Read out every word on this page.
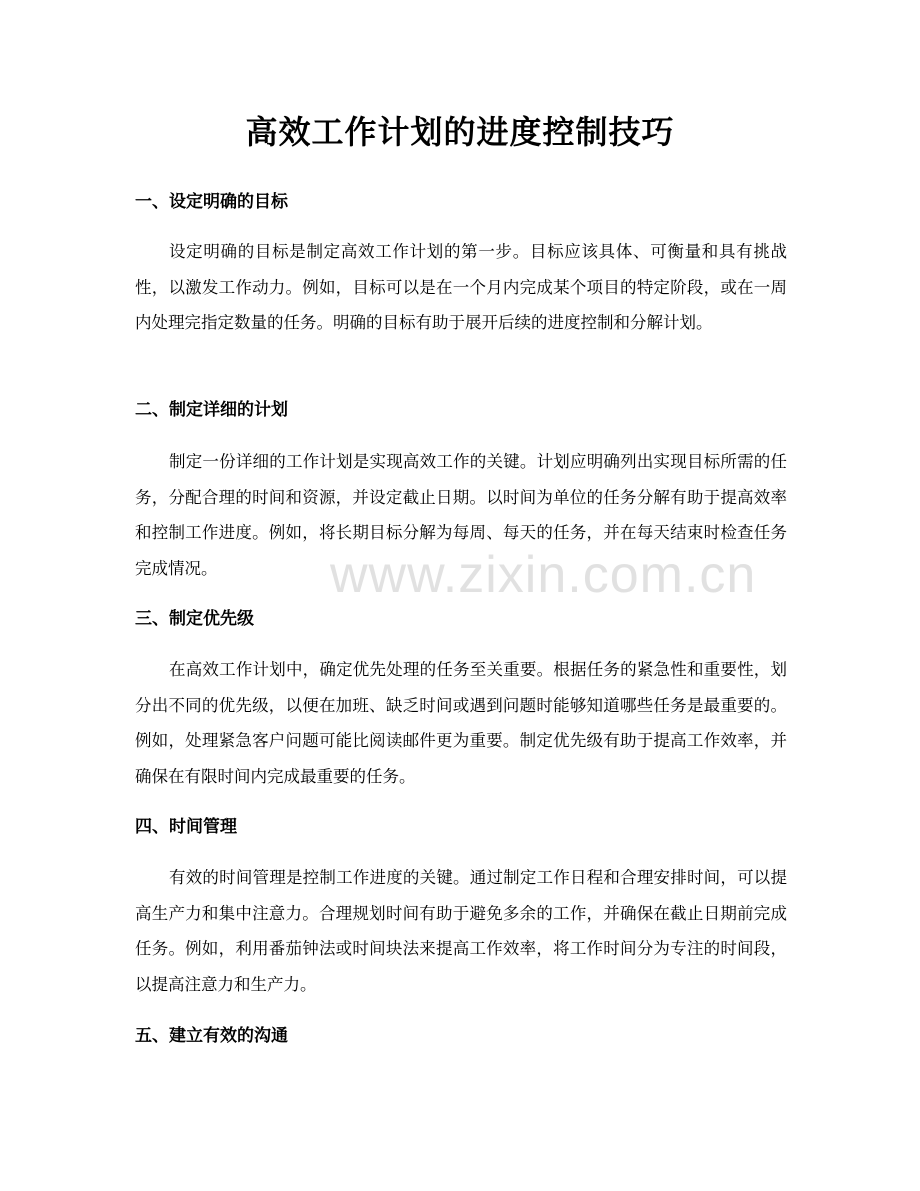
高效工作计划的进度控制技巧
一、设定明确的目标

设定明确的目标是制定高效工作计划的第一步。目标应该具体、可衡量和具有挑战性，以激发工作动力。例如，目标可以是在一个月内完成某个项目的特定阶段，或在一周内处理完指定数量的任务。明确的目标有助于展开后续的进度控制和分解计划。

二、制定详细的计划

制定一份详细的工作计划是实现高效工作的关键。计划应明确列出实现目标所需的任务，分配合理的时间和资源，并设定截止日期。以时间为单位的任务分解有助于提高效率和控制工作进度。例如，将长期目标分解为每周、每天的任务，并在每天结束时检查任务完成情况。

三、制定优先级

在高效工作计划中，确定优先处理的任务至关重要。根据任务的紧急性和重要性，划分出不同的优先级，以便在加班、缺乏时间或遇到问题时能够知道哪些任务是最重要的。例如，处理紧急客户问题可能比阅读邮件更为重要。制定优先级有助于提高工作效率，并确保在有限时间内完成最重要的任务。

四、时间管理

有效的时间管理是控制工作进度的关键。通过制定工作日程和合理安排时间，可以提高生产力和集中注意力。合理规划时间有助于避免多余的工作，并确保在截止日期前完成任务。例如，利用番茄钟法或时间块法来提高工作效率，将工作时间分为专注的时间段，以提高注意力和生产力。

五、建立有效的沟通
www.zixin.com.cn
